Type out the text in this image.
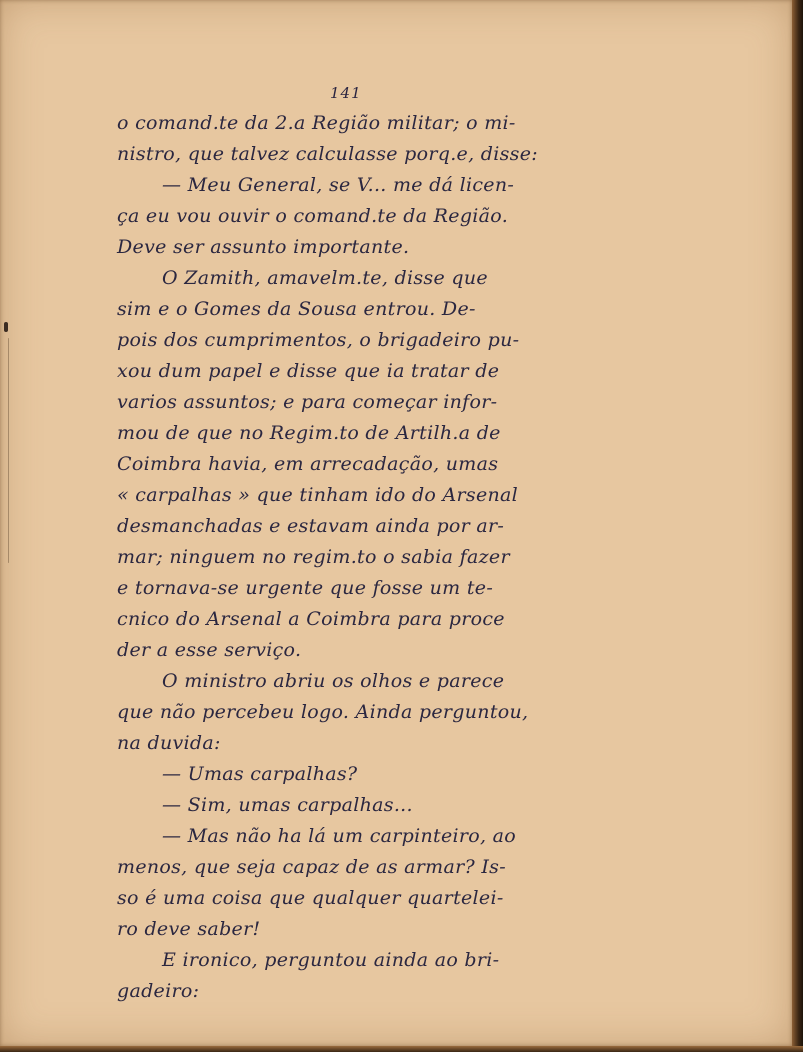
141

o comand.te da 2.a Região militar; o mi-

nistro, que talvez calculasse porq.e, disse:

— Meu General, se V... me dá licen-

ça eu vou ouvir o comand.te da Região.

Deve ser assunto importante.

O Zamith, amavelm.te, disse que

sim e o Gomes da Sousa entrou. De-

pois dos cumprimentos, o brigadeiro pu-

xou dum papel e disse que ia tratar de

varios assuntos; e para começar infor-

mou de que no Regim.to de Artilh.a de

Coimbra havia, em arrecadação, umas

« carpalhas » que tinham ido do Arsenal

desmanchadas e estavam ainda por ar-

mar; ninguem no regim.to o sabia fazer

e tornava-se urgente que fosse um te-

cnico do Arsenal a Coimbra para proce

der a esse serviço.

O ministro abriu os olhos e parece

que não percebeu logo. Ainda perguntou,

na duvida:

— Umas carpalhas?

— Sim, umas carpalhas...

— Mas não ha lá um carpinteiro, ao

menos, que seja capaz de as armar? Is-

so é uma coisa que qualquer quartelei-

ro deve saber!

E ironico, perguntou ainda ao bri-

gadeiro:
